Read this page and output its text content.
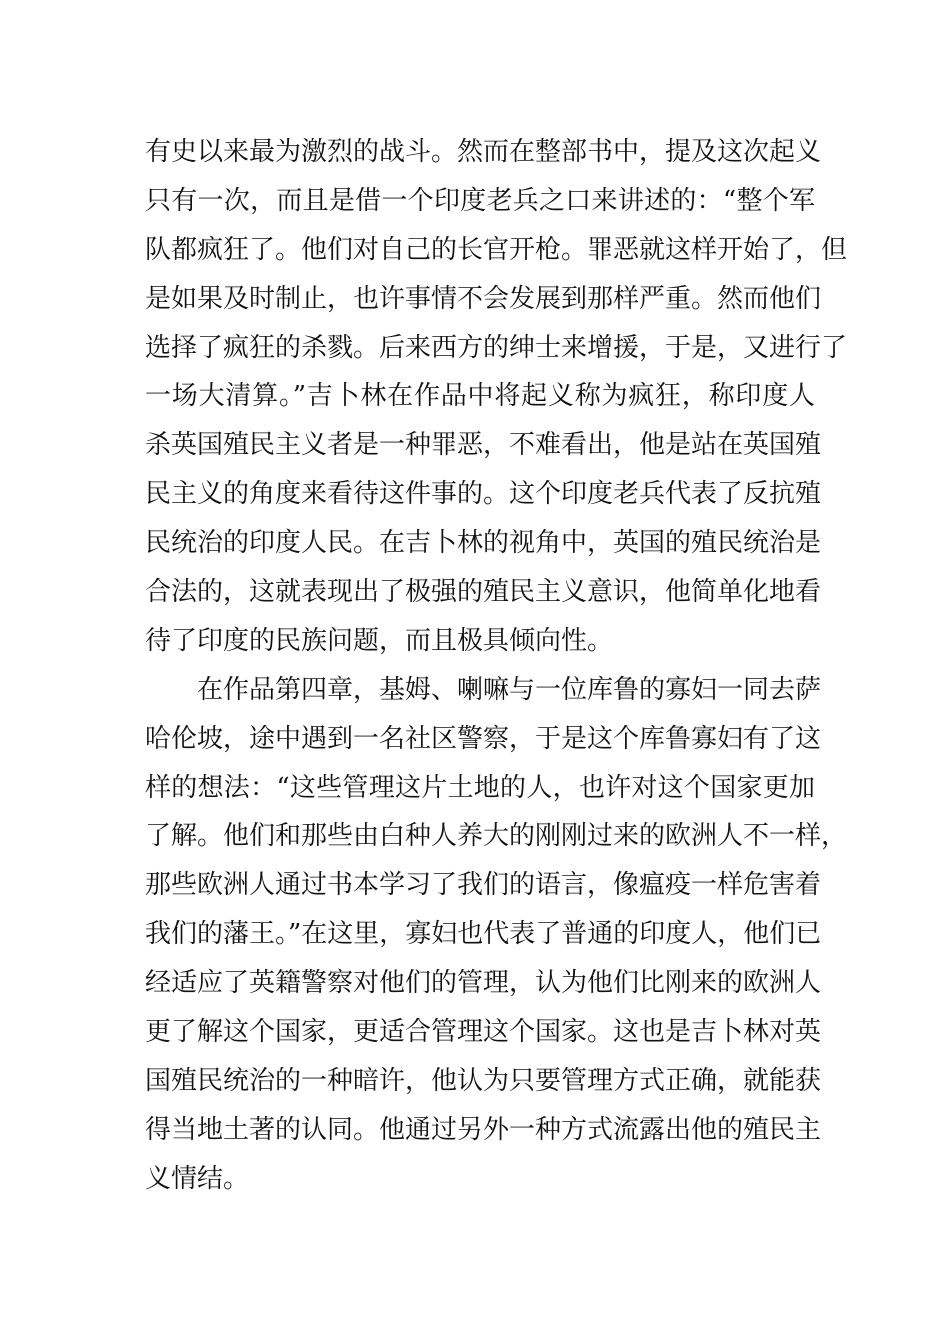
有史以来最为激烈的战斗。然而在整部书中，提及这次起义
只有一次，而且是借一个印度老兵之口来讲述的：“整个军
队都疯狂了。他们对自己的长官开枪。罪恶就这样开始了，但
是如果及时制止，也许事情不会发展到那样严重。然而他们
选择了疯狂的杀戮。后来西方的绅士来增援，于是，又进行了
一场大清算。”吉卜林在作品中将起义称为疯狂，称印度人
杀英国殖民主义者是一种罪恶，不难看出，他是站在英国殖
民主义的角度来看待这件事的。这个印度老兵代表了反抗殖
民统治的印度人民。在吉卜林的视角中，英国的殖民统治是
合法的，这就表现出了极强的殖民主义意识，他简单化地看
待了印度的民族问题，而且极具倾向性。
在作品第四章，基姆、喇嘛与一位库鲁的寡妇一同去萨
哈伦坡，途中遇到一名社区警察，于是这个库鲁寡妇有了这
样的想法：“这些管理这片土地的人，也许对这个国家更加
了解。他们和那些由白种人养大的刚刚过来的欧洲人不一样，
那些欧洲人通过书本学习了我们的语言，像瘟疫一样危害着
我们的藩王。”在这里，寡妇也代表了普通的印度人，他们已
经适应了英籍警察对他们的管理，认为他们比刚来的欧洲人
更了解这个国家，更适合管理这个国家。这也是吉卜林对英
国殖民统治的一种暗许，他认为只要管理方式正确，就能获
得当地土著的认同。他通过另外一种方式流露出他的殖民主
义情结。
